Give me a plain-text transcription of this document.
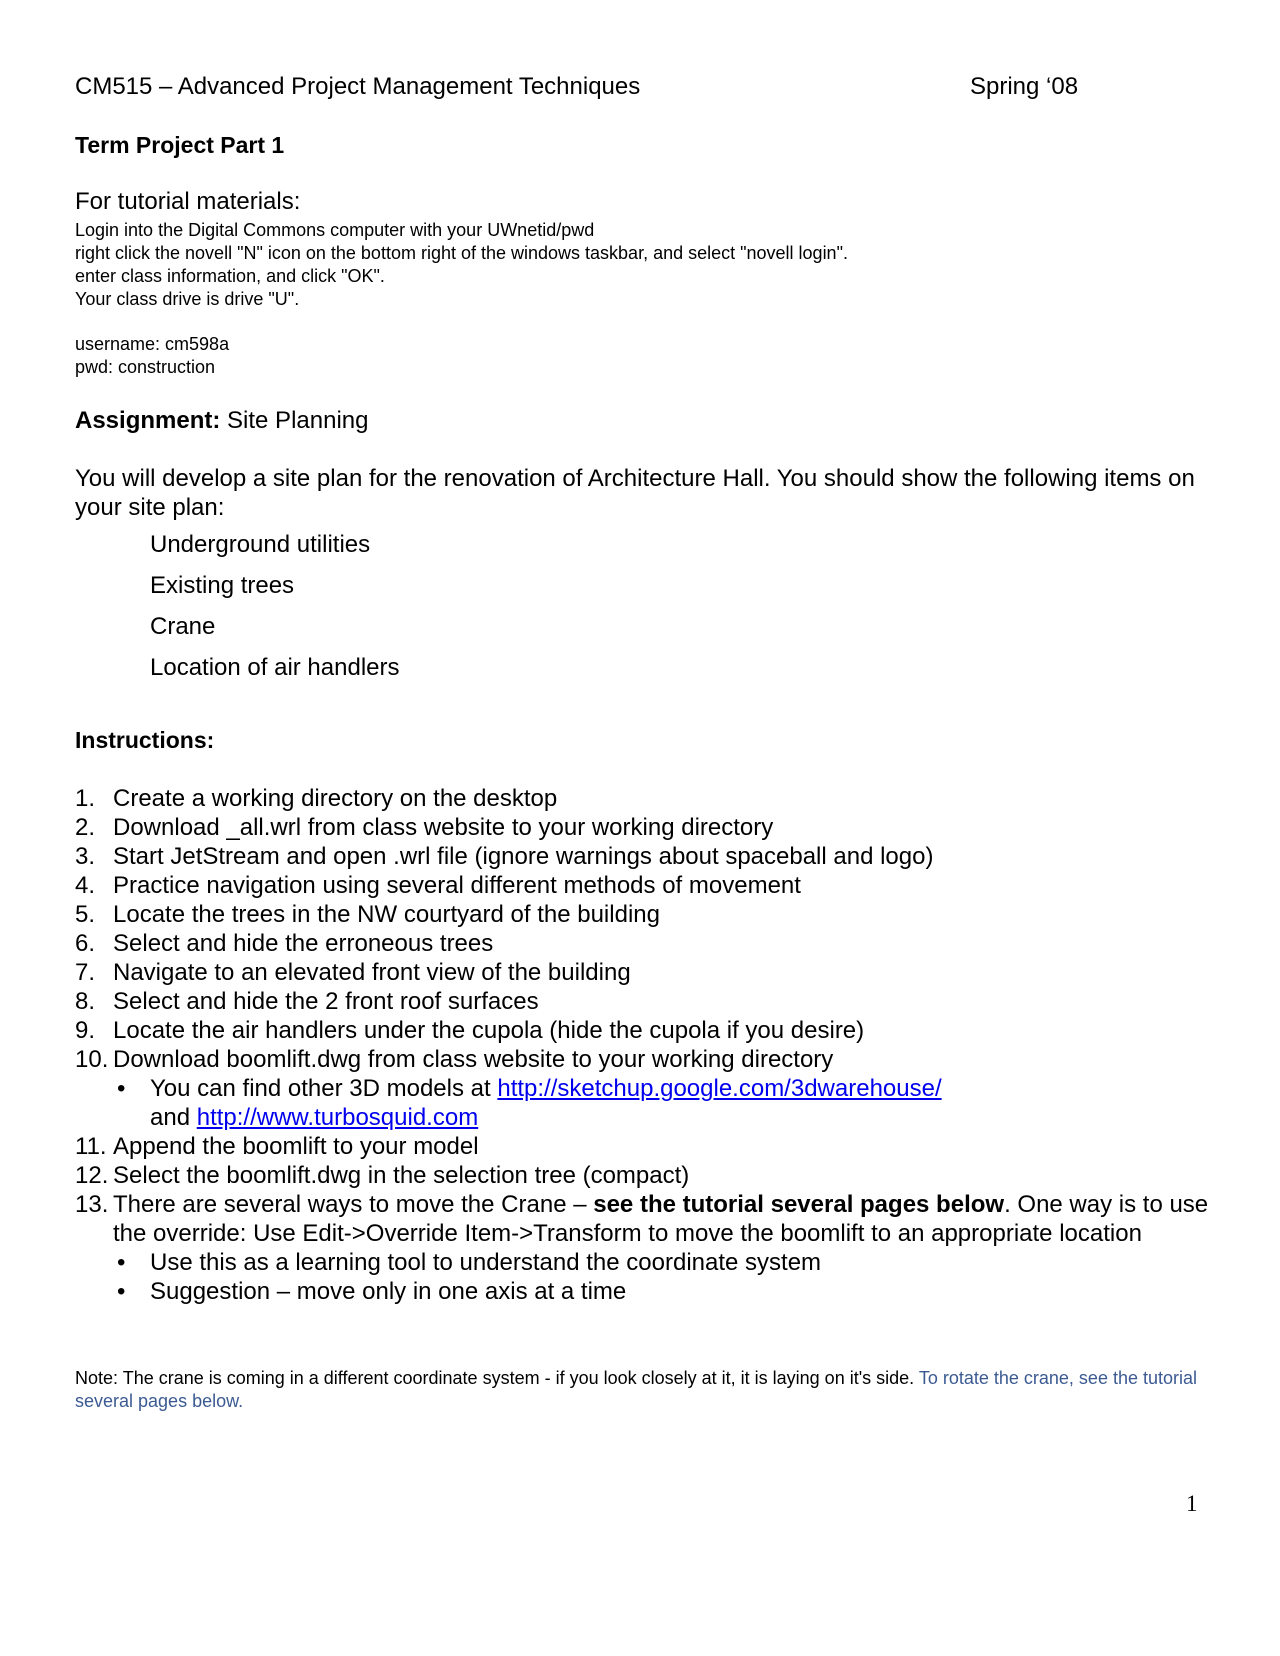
CM515 – Advanced Project Management Techniques	Spring ‘08
Term Project Part 1
For tutorial materials:
Login into the Digital Commons computer with your UWnetid/pwd
right click the novell "N" icon on the bottom right of the windows taskbar, and select "novell login".
enter class information, and click "OK".
Your class drive is drive "U".
username: cm598a
pwd: construction
Assignment: Site Planning
You will develop a site plan for the renovation of Architecture Hall. You should show the following items on your site plan:
Underground utilities
Existing trees
Crane
Location of air handlers
Instructions:
1. Create a working directory on the desktop
2. Download _all.wrl from class website to your working directory
3. Start JetStream and open .wrl file (ignore warnings about spaceball and logo)
4. Practice navigation using several different methods of movement
5. Locate the trees in the NW courtyard of the building
6. Select and hide the erroneous trees
7. Navigate to an elevated front view of the building
8. Select and hide the 2 front roof surfaces
9. Locate the air handlers under the cupola (hide the cupola if you desire)
10. Download boomlift.dwg from class website to your working directory
• You can find other 3D models at http://sketchup.google.com/3dwarehouse/
and http://www.turbosquid.com
11. Append the boomlift to your model
12. Select the boomlift.dwg in the selection tree (compact)
13. There are several ways to move the Crane – see the tutorial several pages below. One way is to use the override: Use Edit->Override Item->Transform to move the boomlift to an appropriate location
• Use this as a learning tool to understand the coordinate system
• Suggestion – move only in one axis at a time
Note: The crane is coming in a different coordinate system - if you look closely at it, it is laying on it's side. To rotate the crane, see the tutorial several pages below.
1
